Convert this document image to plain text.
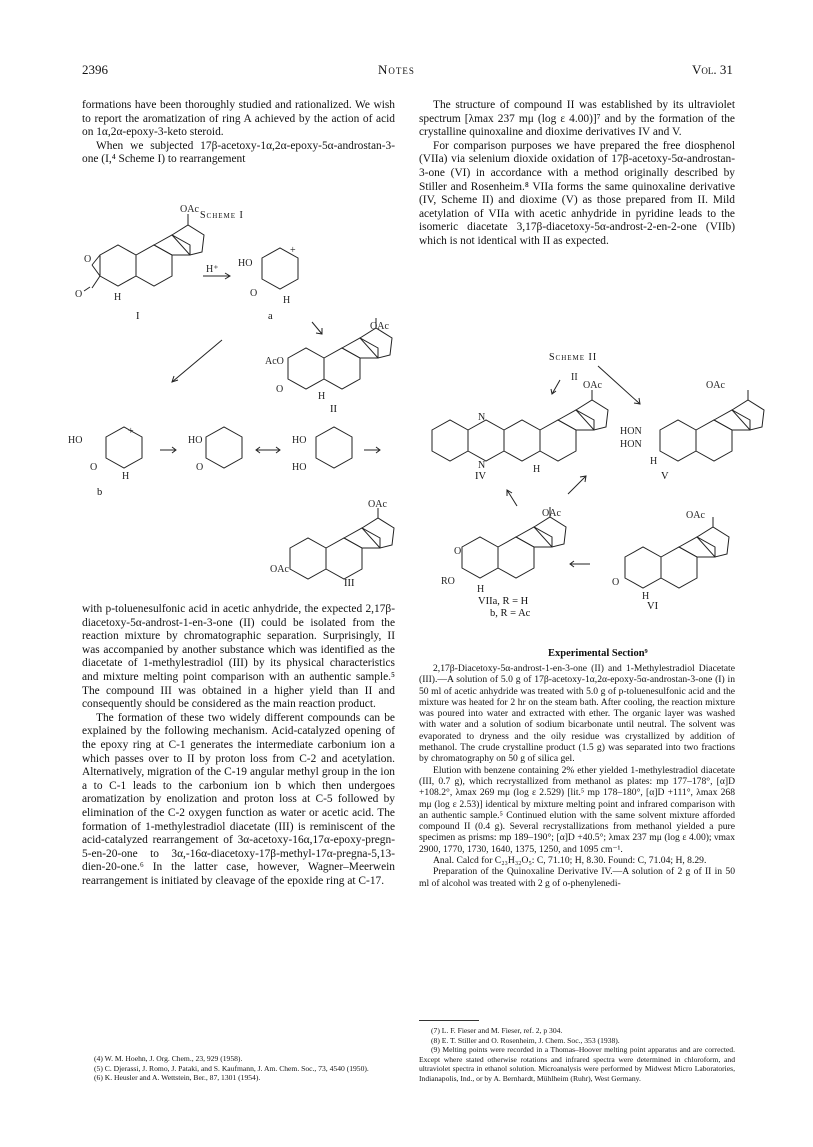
2396	Notes	Vol. 31

formations have been thoroughly studied and rationalized. We wish to report the aromatization of ring A achieved by the action of acid on 1α,2α-epoxy-3-keto steroid.

When we subjected 17β-acetoxy-1α,2α-epoxy-5α-androstan-3-one (I,⁴ Scheme I) to rearrangement

Scheme I
OAc
O
O	H
H⁺
HO
+
O
H
OAc
AcO
O
H
HO
+
O
H
HO
O
HO
HO
OAc
OAc
I	a
II
b
III

with p-toluenesulfonic acid in acetic anhydride, the expected 2,17β-diacetoxy-5α-androst-1-en-3-one (II) could be isolated from the reaction mixture by chromatographic separation. Surprisingly, II was accompanied by another substance which was identified as the diacetate of 1-methylestradiol (III) by its physical characteristics and mixture melting point comparison with an authentic sample.⁵ The compound III was obtained in a higher yield than II and consequently should be considered as the main reaction product.

The formation of these two widely different compounds can be explained by the following mechanism. Acid-catalyzed opening of the epoxy ring at C-1 generates the intermediate carbonium ion a which passes over to II by proton loss from C-2 and acetylation. Alternatively, migration of the C-19 angular methyl group in the ion a to C-1 leads to the carbonium ion b which then undergoes aromatization by enolization and proton loss at C-5 followed by elimination of the C-2 oxygen function as water or acetic acid. The formation of 1-methylestradiol diacetate (III) is reminiscent of the acid-catalyzed rearrangement of 3α-acetoxy-16α,17α-epoxy-pregn-5-en-20-one to 3α,-16α-diacetoxy-17β-methyl-17α-pregna-5,13-dien-20-one.⁶ In the latter case, however, Wagner–Meerwein rearrangement is initiated by cleavage of the epoxide ring at C-17.

(4) W. M. Hoehn, J. Org. Chem., 23, 929 (1958).
(5) C. Djerassi, J. Romo, J. Pataki, and S. Kaufmann, J. Am. Chem. Soc., 73, 4540 (1950).
(6) K. Heusler and A. Wettstein, Ber., 87, 1301 (1954).

The structure of compound II was established by its ultraviolet spectrum [λmax 237 mμ (log ε 4.00)]⁷ and by the formation of the crystalline quinoxaline and dioxime derivatives IV and V.

For comparison purposes we have prepared the free diosphenol (VIIa) via selenium dioxide oxidation of 17β-acetoxy-5α-androstan-3-one (VI) in accordance with a method originally described by Stiller and Rosenheim.⁸ VIIa forms the same quinoxaline derivative (IV, Scheme II) and dioxime (V) as those prepared from II. Mild acetylation of VIIa with acetic anhydride in pyridine leads to the isomeric diacetate 3,17β-diacetoxy-5α-androst-2-en-2-one (VIIb) which is not identical with II as expected.

Scheme II
II
OAc
N
N	H
OAc
HON
HON
H
OAc
O
RO
H
OAc
O
H
IV	V
VIIa, R = H
b, R = Ac
VI
Experimental Section⁹

2,17β-Diacetoxy-5α-androst-1-en-3-one (II) and 1-Methylestradiol Diacetate (III).—A solution of 5.0 g of 17β-acetoxy-1α,2α-epoxy-5α-androstan-3-one (I) in 50 ml of acetic anhydride was treated with 5.0 g of p-toluenesulfonic acid and the mixture was heated for 2 hr on the steam bath. After cooling, the reaction mixture was poured into water and extracted with ether. The organic layer was washed with water and a solution of sodium bicarbonate until neutral. The solvent was evaporated to dryness and the oily residue was crystallized by addition of methanol. The crude crystalline product (1.5 g) was separated into two fractions by chromatography on 50 g of silica gel.

Elution with benzene containing 2% ether yielded 1-methylestradiol diacetate (III, 0.7 g), which recrystallized from methanol as plates: mp 177–178°, [α]D +108.2°, λmax 269 mμ (log ε 2.529) [lit.⁵ mp 178–180°, [α]D +111°, λmax 268 mμ (log ε 2.53)] identical by mixture melting point and infrared comparison with an authentic sample.⁵ Continued elution with the same solvent mixture afforded compound II (0.4 g). Several recrystallizations from methanol yielded a pure specimen as prisms: mp 189–190°; [α]D +40.5°; λmax 237 mμ (log ε 4.00); νmax 2900, 1770, 1730, 1640, 1375, 1250, and 1095 cm⁻¹.

Anal. Calcd for C₂₃H₃₂O₅: C, 71.10; H, 8.30. Found: C, 71.04; H, 8.29.

Preparation of the Quinoxaline Derivative IV.—A solution of 2 g of II in 50 ml of alcohol was treated with 2 g of o-phenylenedi-

(7) L. F. Fieser and M. Fieser, ref. 2, p 304.
(8) E. T. Stiller and O. Rosenheim, J. Chem. Soc., 353 (1938).
(9) Melting points were recorded in a Thomas–Hoover melting point apparatus and are corrected. Except where stated otherwise rotations and infrared spectra were determined in chloroform, and ultraviolet spectra in ethanol solution. Microanalysis were performed by Midwest Micro Laboratories, Indianapolis, Ind., or by A. Bernhardt, Mühlheim (Ruhr), West Germany.
